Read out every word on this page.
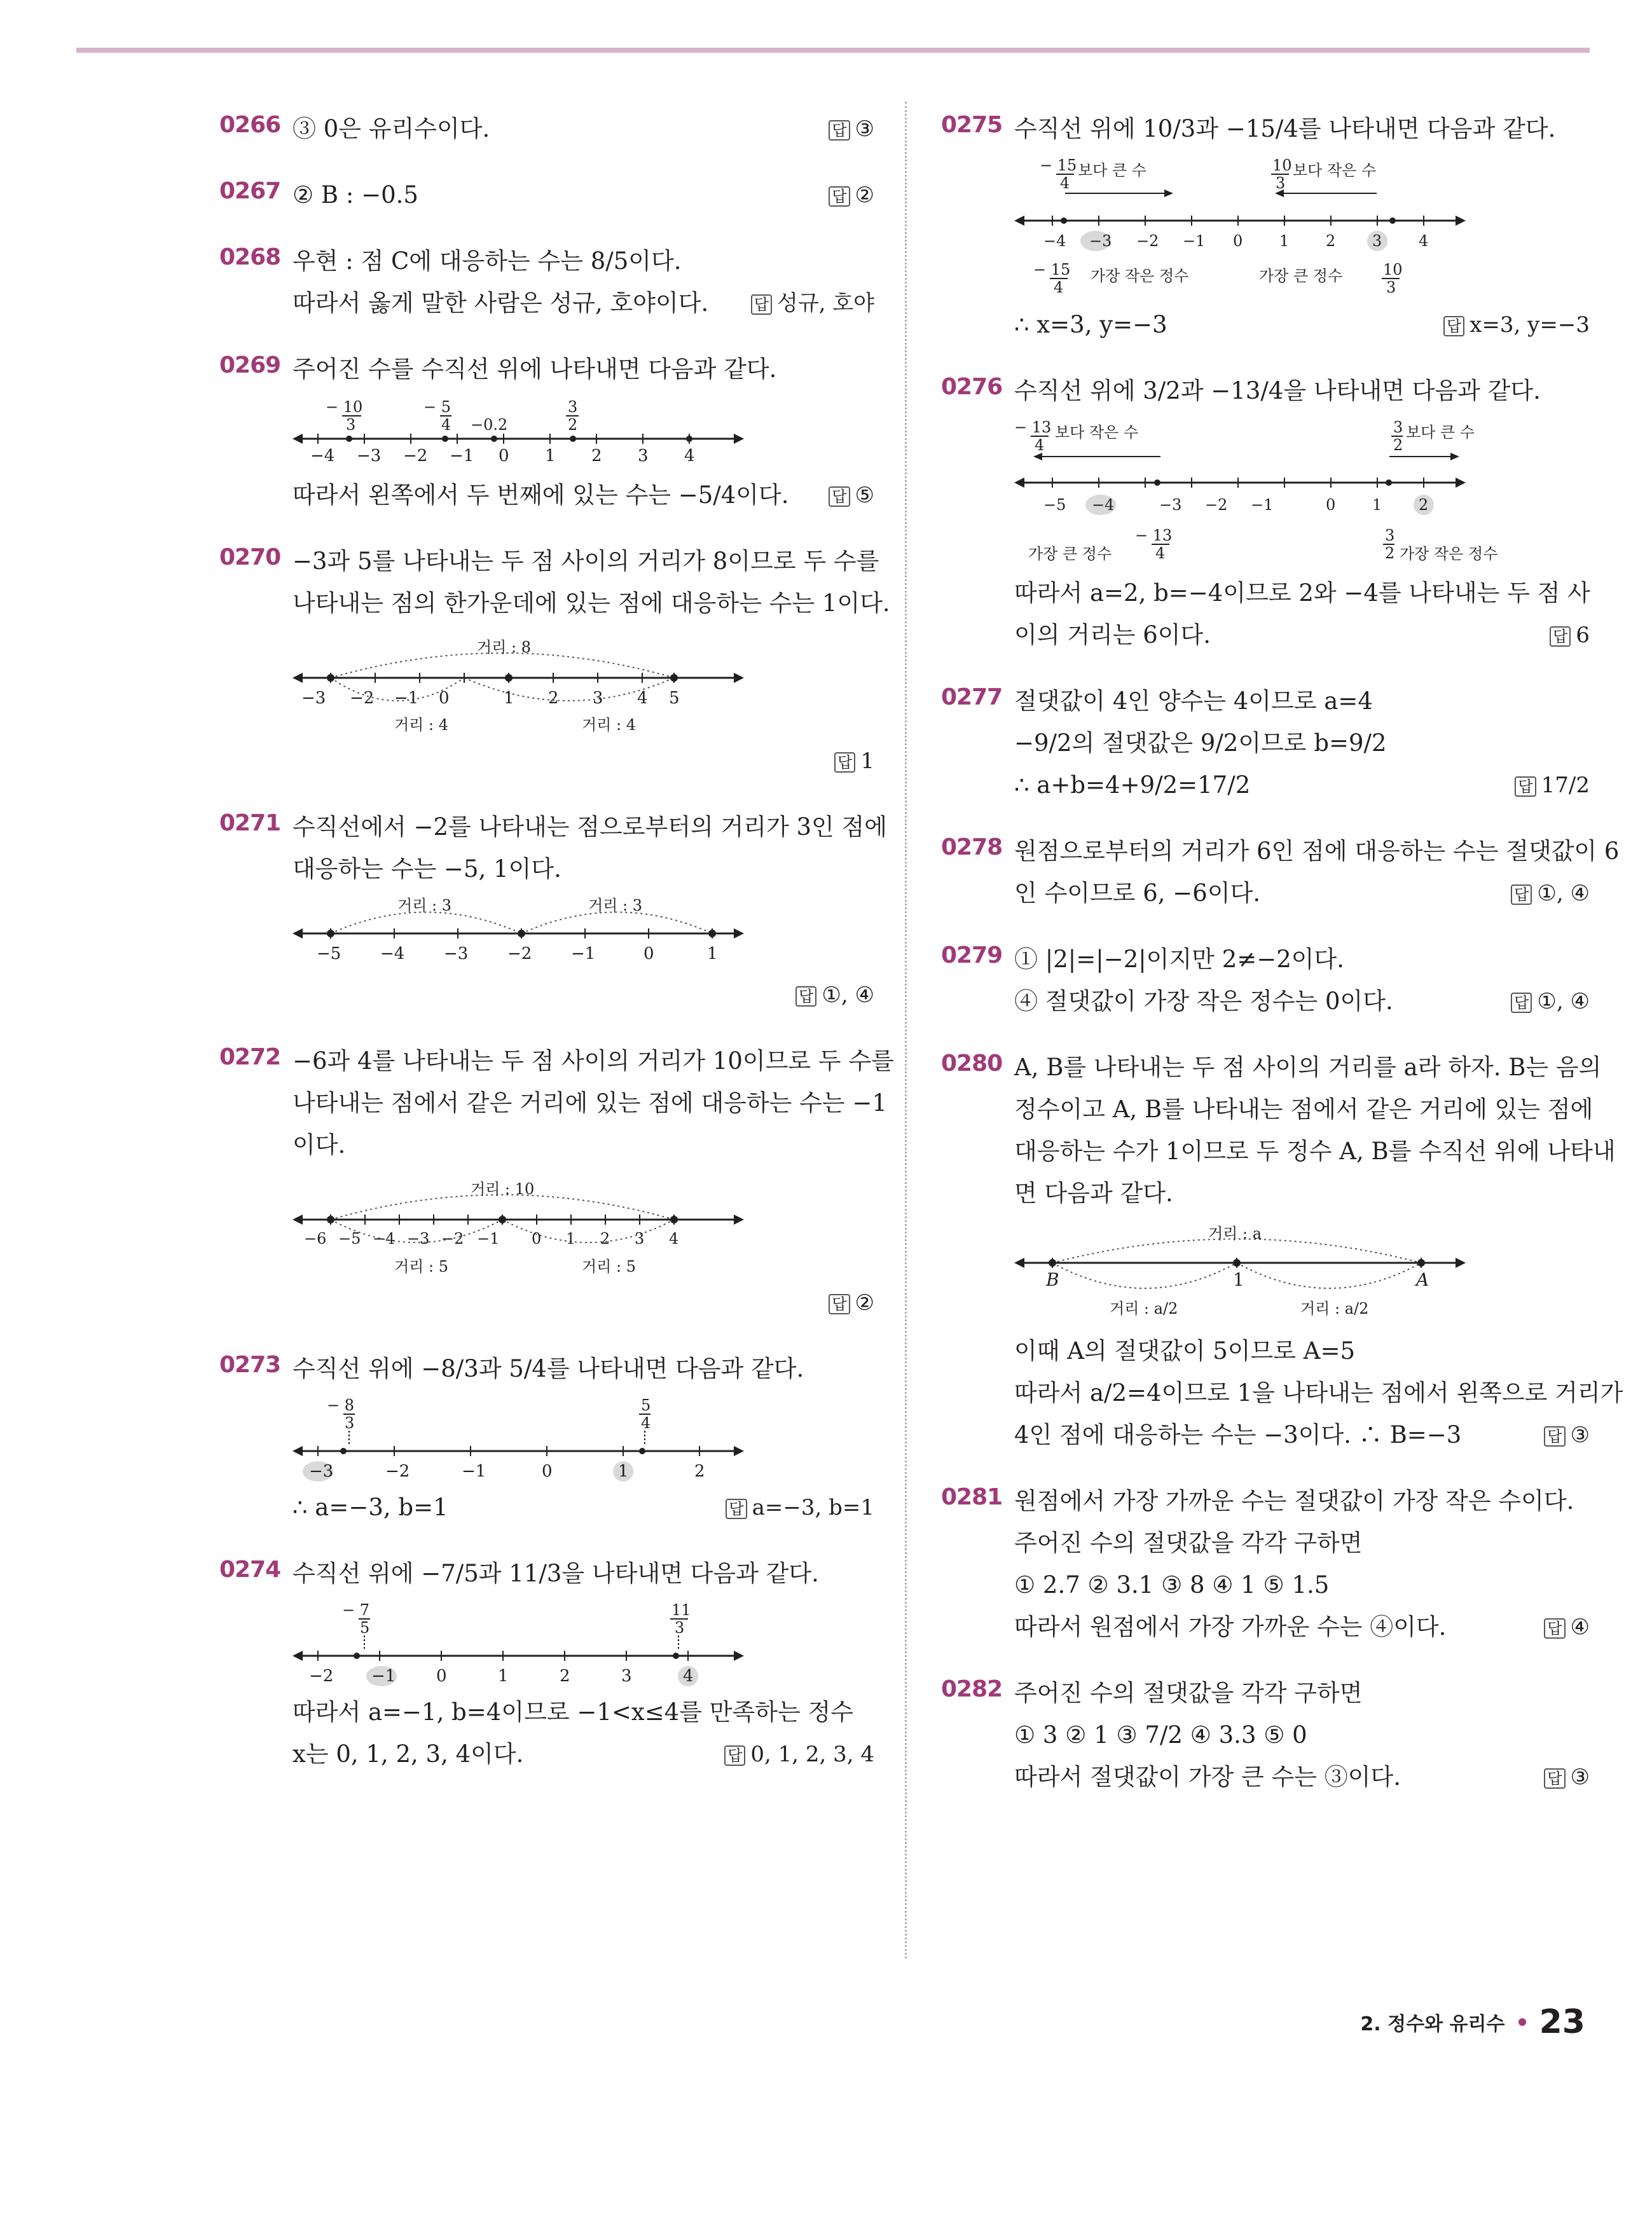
0266 ③ 0은 유리수이다.	답 ③
0267 ② B : −0.5	답 ②
0268 우현 : 점 C에 대응하는 수는 8/5이다.
따라서 옳게 말한 사람은 성규, 호야이다.	답 성규, 호야
0269 주어진 수를 수직선 위에 나타내면 다음과 같다.
−4 −3 −2 −1 0 1 2 3 4
− 10
3
− 5
4 −0.2
3
2
따라서 왼쪽에서 두 번째에 있는 수는 −5/4이다.	답 ⑤
0270 −3과 5를 나타내는 두 점 사이의 거리가 8이므로 두 수를
나타내는 점의 한가운데에 있는 점에 대응하는 수는 1이다.
거리 : 8
거리 : 4	거리 : 4
−3 −2 −1 0	1 2 3 4 5
답 1
0271 수직선에서 −2를 나타내는 점으로부터의 거리가 3인 점에
대응하는 수는 −5, 1이다.
거리 : 3	거리 : 3
−5 −4 −3 −2 −1	0	1
답 ①, ④
0272 −6과 4를 나타내는 두 점 사이의 거리가 10이므로 두 수를
나타내는 점에서 같은 거리에 있는 점에 대응하는 수는 −1
이다.
거리 : 10
거리 : 5	거리 : 5
−6 −5 −4 −3 −2 −1 0 1 2 3 4
답 ②
0273 수직선 위에 −8/3과 5/4를 나타내면 다음과 같다.
− 8
3
5
4
−3	−2	−1	0	1	2
∴ a=−3, b=1	답 a=−3, b=1
0274 수직선 위에 −7/5과 11/3을 나타내면 다음과 같다.
− 7
5
11
3
−2 −1 0	1	2	3	4
따라서 a=−1, b=4이므로 −1<x≤4를 만족하는 정수
x는 0, 1, 2, 3, 4이다.	답 0, 1, 2, 3, 4
0275 수직선 위에 10/3과 −15/4를 나타내면 다음과 같다.
− 15
4
보다 큰 수	10
3
보다 작은 수
−4 −3 −2 −1 0 1 2 3 4
− 15
4
가장 작은 정수	가장 큰 정수	10
3
∴ x=3, y=−3	답 x=3, y=−3
0276 수직선 위에 3/2과 −13/4을 나타내면 다음과 같다.
− 13
4
보다 작은 수	3
2
보다 큰 수
−5 −4	−3 −2 −1	0 1 2
가장 큰 정수
− 13
4
3
2 가장 작은 정수
따라서 a=2, b=−4이므로 2와 −4를 나타내는 두 점 사
이의 거리는 6이다.	답 6
0277 절댓값이 4인 양수는 4이므로 a=4
−9/2의 절댓값은 9/2이므로 b=9/2
∴ a+b=4+9/2=17/2	답 17/2
0278 원점으로부터의 거리가 6인 점에 대응하는 수는 절댓값이 6
인 수이므로 6, −6이다.	답 ①, ④
0279 ① |2|=|−2|이지만 2≠−2이다.
④ 절댓값이 가장 작은 정수는 0이다.	답 ①, ④
0280 A, B를 나타내는 두 점 사이의 거리를 a라 하자. B는 음의
정수이고 A, B를 나타내는 점에서 같은 거리에 있는 점에
대응하는 수가 1이므로 두 정수 A, B를 수직선 위에 나타내
면 다음과 같다.
거리 : a
거리 : a/2	거리 : a/2
B	1	A
이때 A의 절댓값이 5이므로 A=5
따라서 a/2=4이므로 1을 나타내는 점에서 왼쪽으로 거리가
4인 점에 대응하는 수는 −3이다. ∴ B=−3	답 ③
0281 원점에서 가장 가까운 수는 절댓값이 가장 작은 수이다.
주어진 수의 절댓값을 각각 구하면
① 2.7 ② 3.1 ③ 8 ④ 1 ⑤ 1.5
따라서 원점에서 가장 가까운 수는 ④이다.	답 ④
0282 주어진 수의 절댓값을 각각 구하면
① 3 ② 1 ③ 7/2 ④ 3.3 ⑤ 0
따라서 절댓값이 가장 큰 수는 ③이다.	답 ③
2. 정수와 유리수 23
